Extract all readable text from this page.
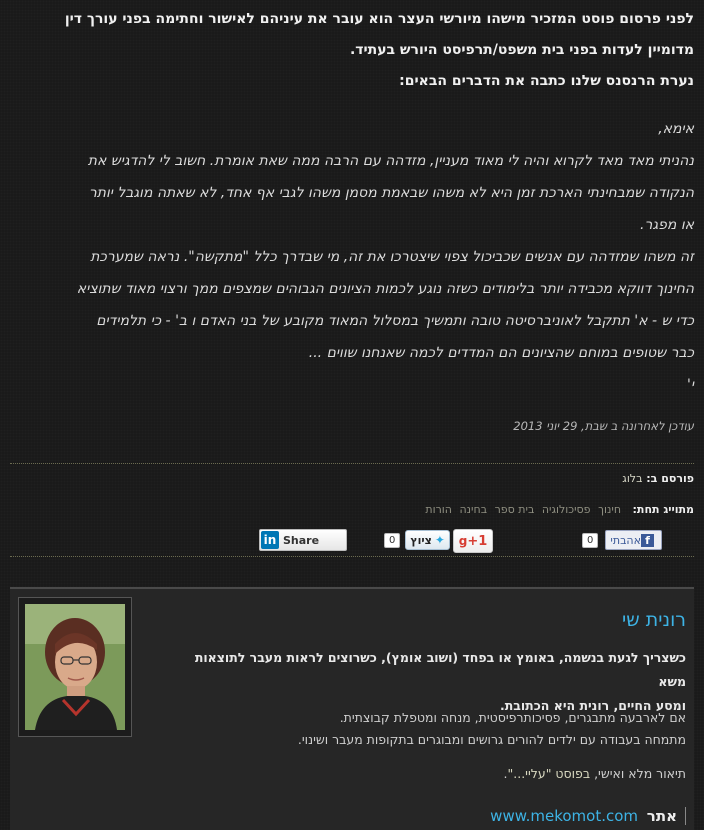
לפני פרסום פוסט המזכיר מישהו מיורשי העצר הוא עובר את עיניהם לאישור וחתימה בפני עורך דין

מדומיין לעדות בפני בית משפט/תרפיסט היורש בעתיד.

נערת הרנסנס שלנו כתבה את הדברים הבאים:

אימא,

נהניתי מאד מאד לקרוא והיה לי מאוד מעניין, מזדהה עם הרבה ממה שאת אומרת. חשוב לי להדגיש את

הנקודה שמבחינתי הארכת זמן היא לא משהו שבאמת מסמן משהו לגבי אף אחד, לא שאתה מוגבל יותר

או מפגר.

זה משהו שמזדהה עם אנשים שכביכול צפוי שיצטרכו את זה, מי שבדרך כלל "מתקשה". נראה שמערכת

החינוך דווקא מכבידה יותר בלימודים כשזה נוגע לכמות הציונים הגבוהים שמצפים ממך ורצוי מאוד שתוציא

כדי ש - א' תתקבל לאוניברסיטה טובה ותמשיך במסלול המאוד מקובע של בני האדם ו ב' - כי תלמידים

כבר שטופים במוחם שהציונים הם המדדים לכמה שאנחנו שווים ...

י'

עודכן לאחרונה ב שבת, 29 יוני 2013
פורסם ב: בלוג
מתוייג תחת: חינוך פסיכולוגיה בית ספר בחינה הורות
in Share	0	ציוץ ✦	g+1	0	אהבתי f
רונית שי
כשצריך לגעת בנשמה, באומץ או בפחד (ושוב אומץ), כשרוצים לראות מעבר לתוצאות משא
ומסע החיים, רונית היא הכתובת.

אם לארבעה מתבגרים, פסיכותרפיסטית, מנחה ומטפלת קבוצתית.

מתמחה בעבודה עם ילדים להורים גרושים ומבוגרים בתקופות מעבר ושינוי.

תיאור מלא ואישי, בפוסט "עליי...".
אתר www.mekomot.com
